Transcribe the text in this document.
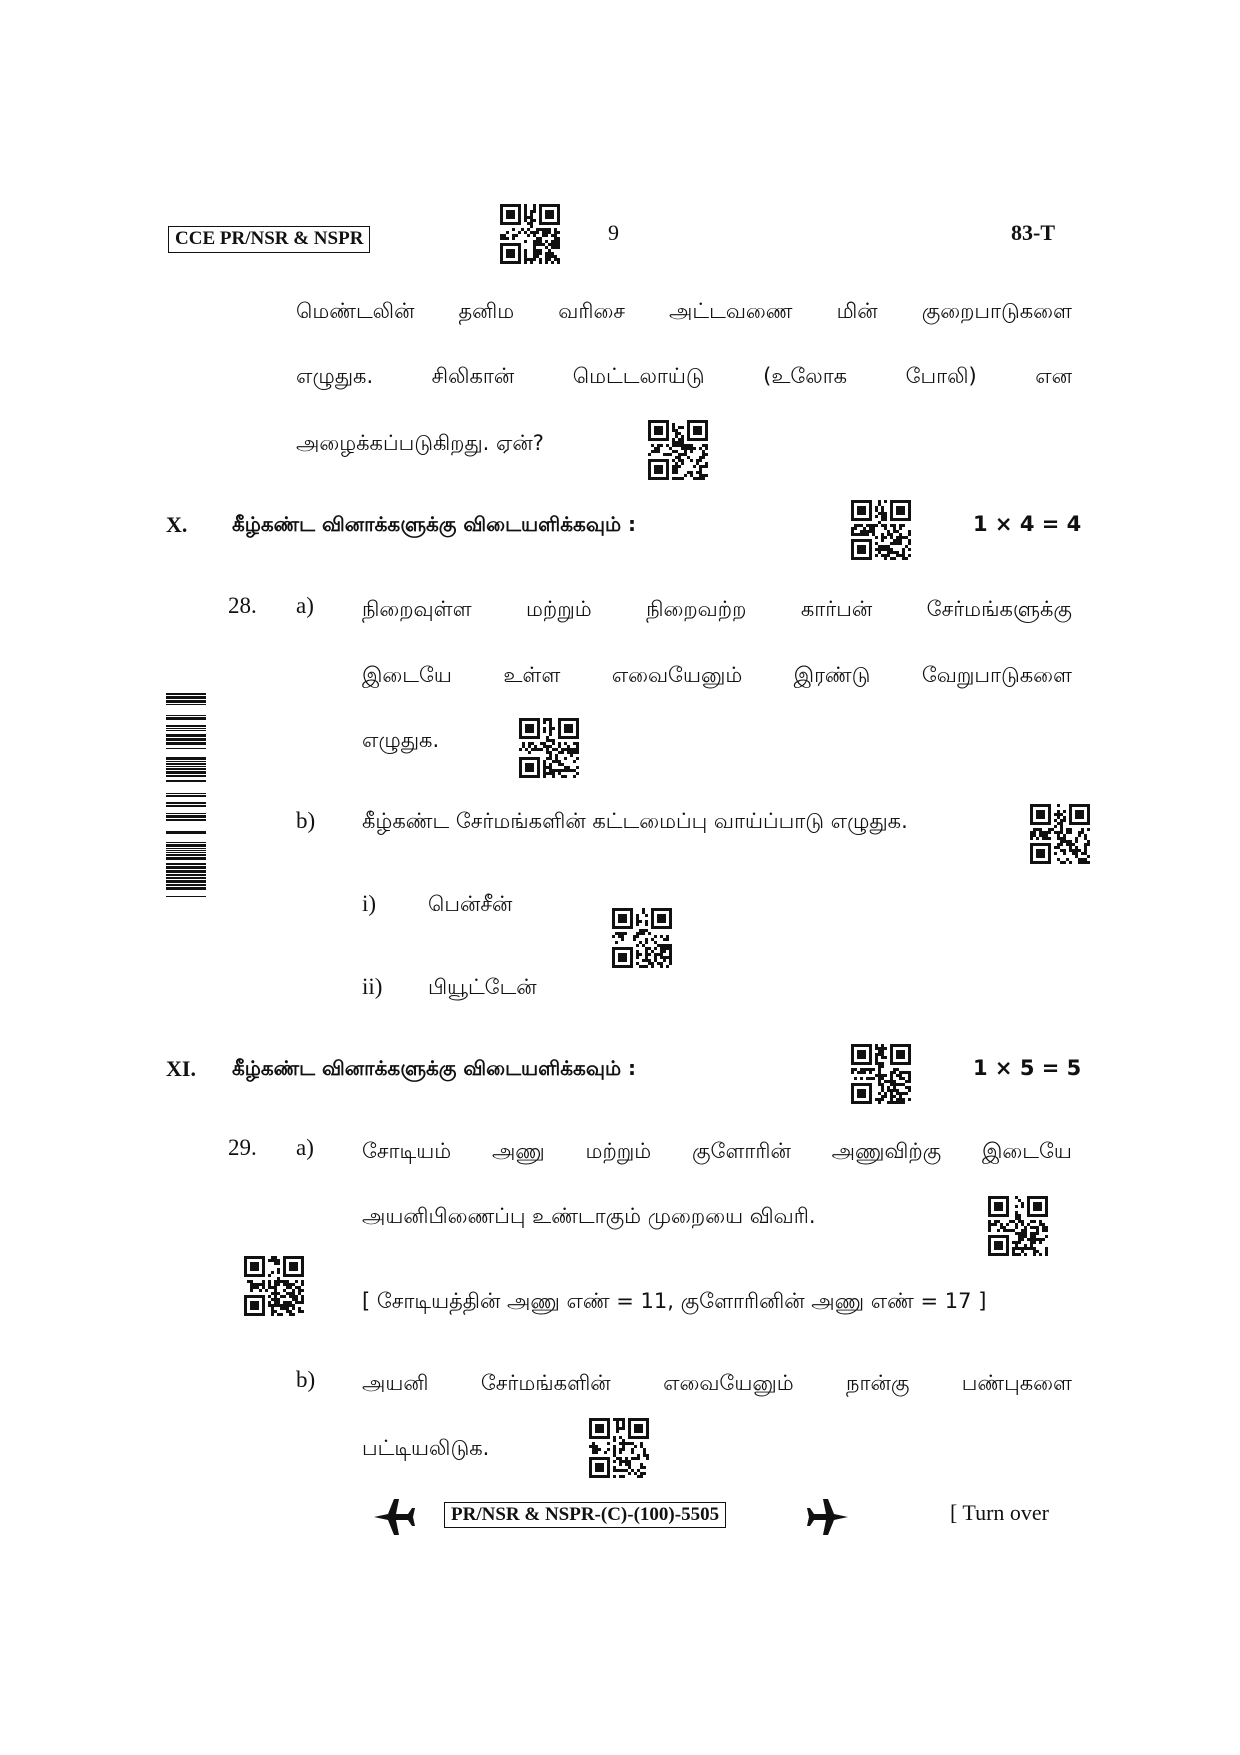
CCE PR/NSR & NSPR	9	83-T
மெண்டலின் தனிம வரிசை அட்டவணை மின் குறைபாடுகளை
எழுதுக.	சிலிகான்	மெட்டலாய்டு	(உலோக	போலி)	என
அழைக்கப்படுகிறது. ஏன்?
X. கீழ்கண்ட வினாக்களுக்கு விடையளிக்கவும் :	1 × 4 = 4
28. a) நிறைவுள்ள	மற்றும்	நிறைவற்ற	கார்பன்	சேர்மங்களுக்கு
இடையே உள்ள எவையேனும் இரண்டு வேறுபாடுகளை
எழுதுக.
b) கீழ்கண்ட சேர்மங்களின் கட்டமைப்பு வாய்ப்பாடு எழுதுக.
i) பென்சீன்
ii) பியூட்டேன்
XI. கீழ்கண்ட வினாக்களுக்கு விடையளிக்கவும் :	1 × 5 = 5
29. a) சோடியம் அணு மற்றும் குளோரின் அணுவிற்கு இடையே
அயனிபிணைப்பு உண்டாகும் முறையை விவரி.
[ சோடியத்தின் அணு எண் = 11, குளோரினின் அணு எண் = 17 ]
b) அயனி சேர்மங்களின் எவையேனும் நான்கு பண்புகளை
பட்டியலிடுக.
PR/NSR & NSPR-(C)-(100)-5505	[ Turn over
